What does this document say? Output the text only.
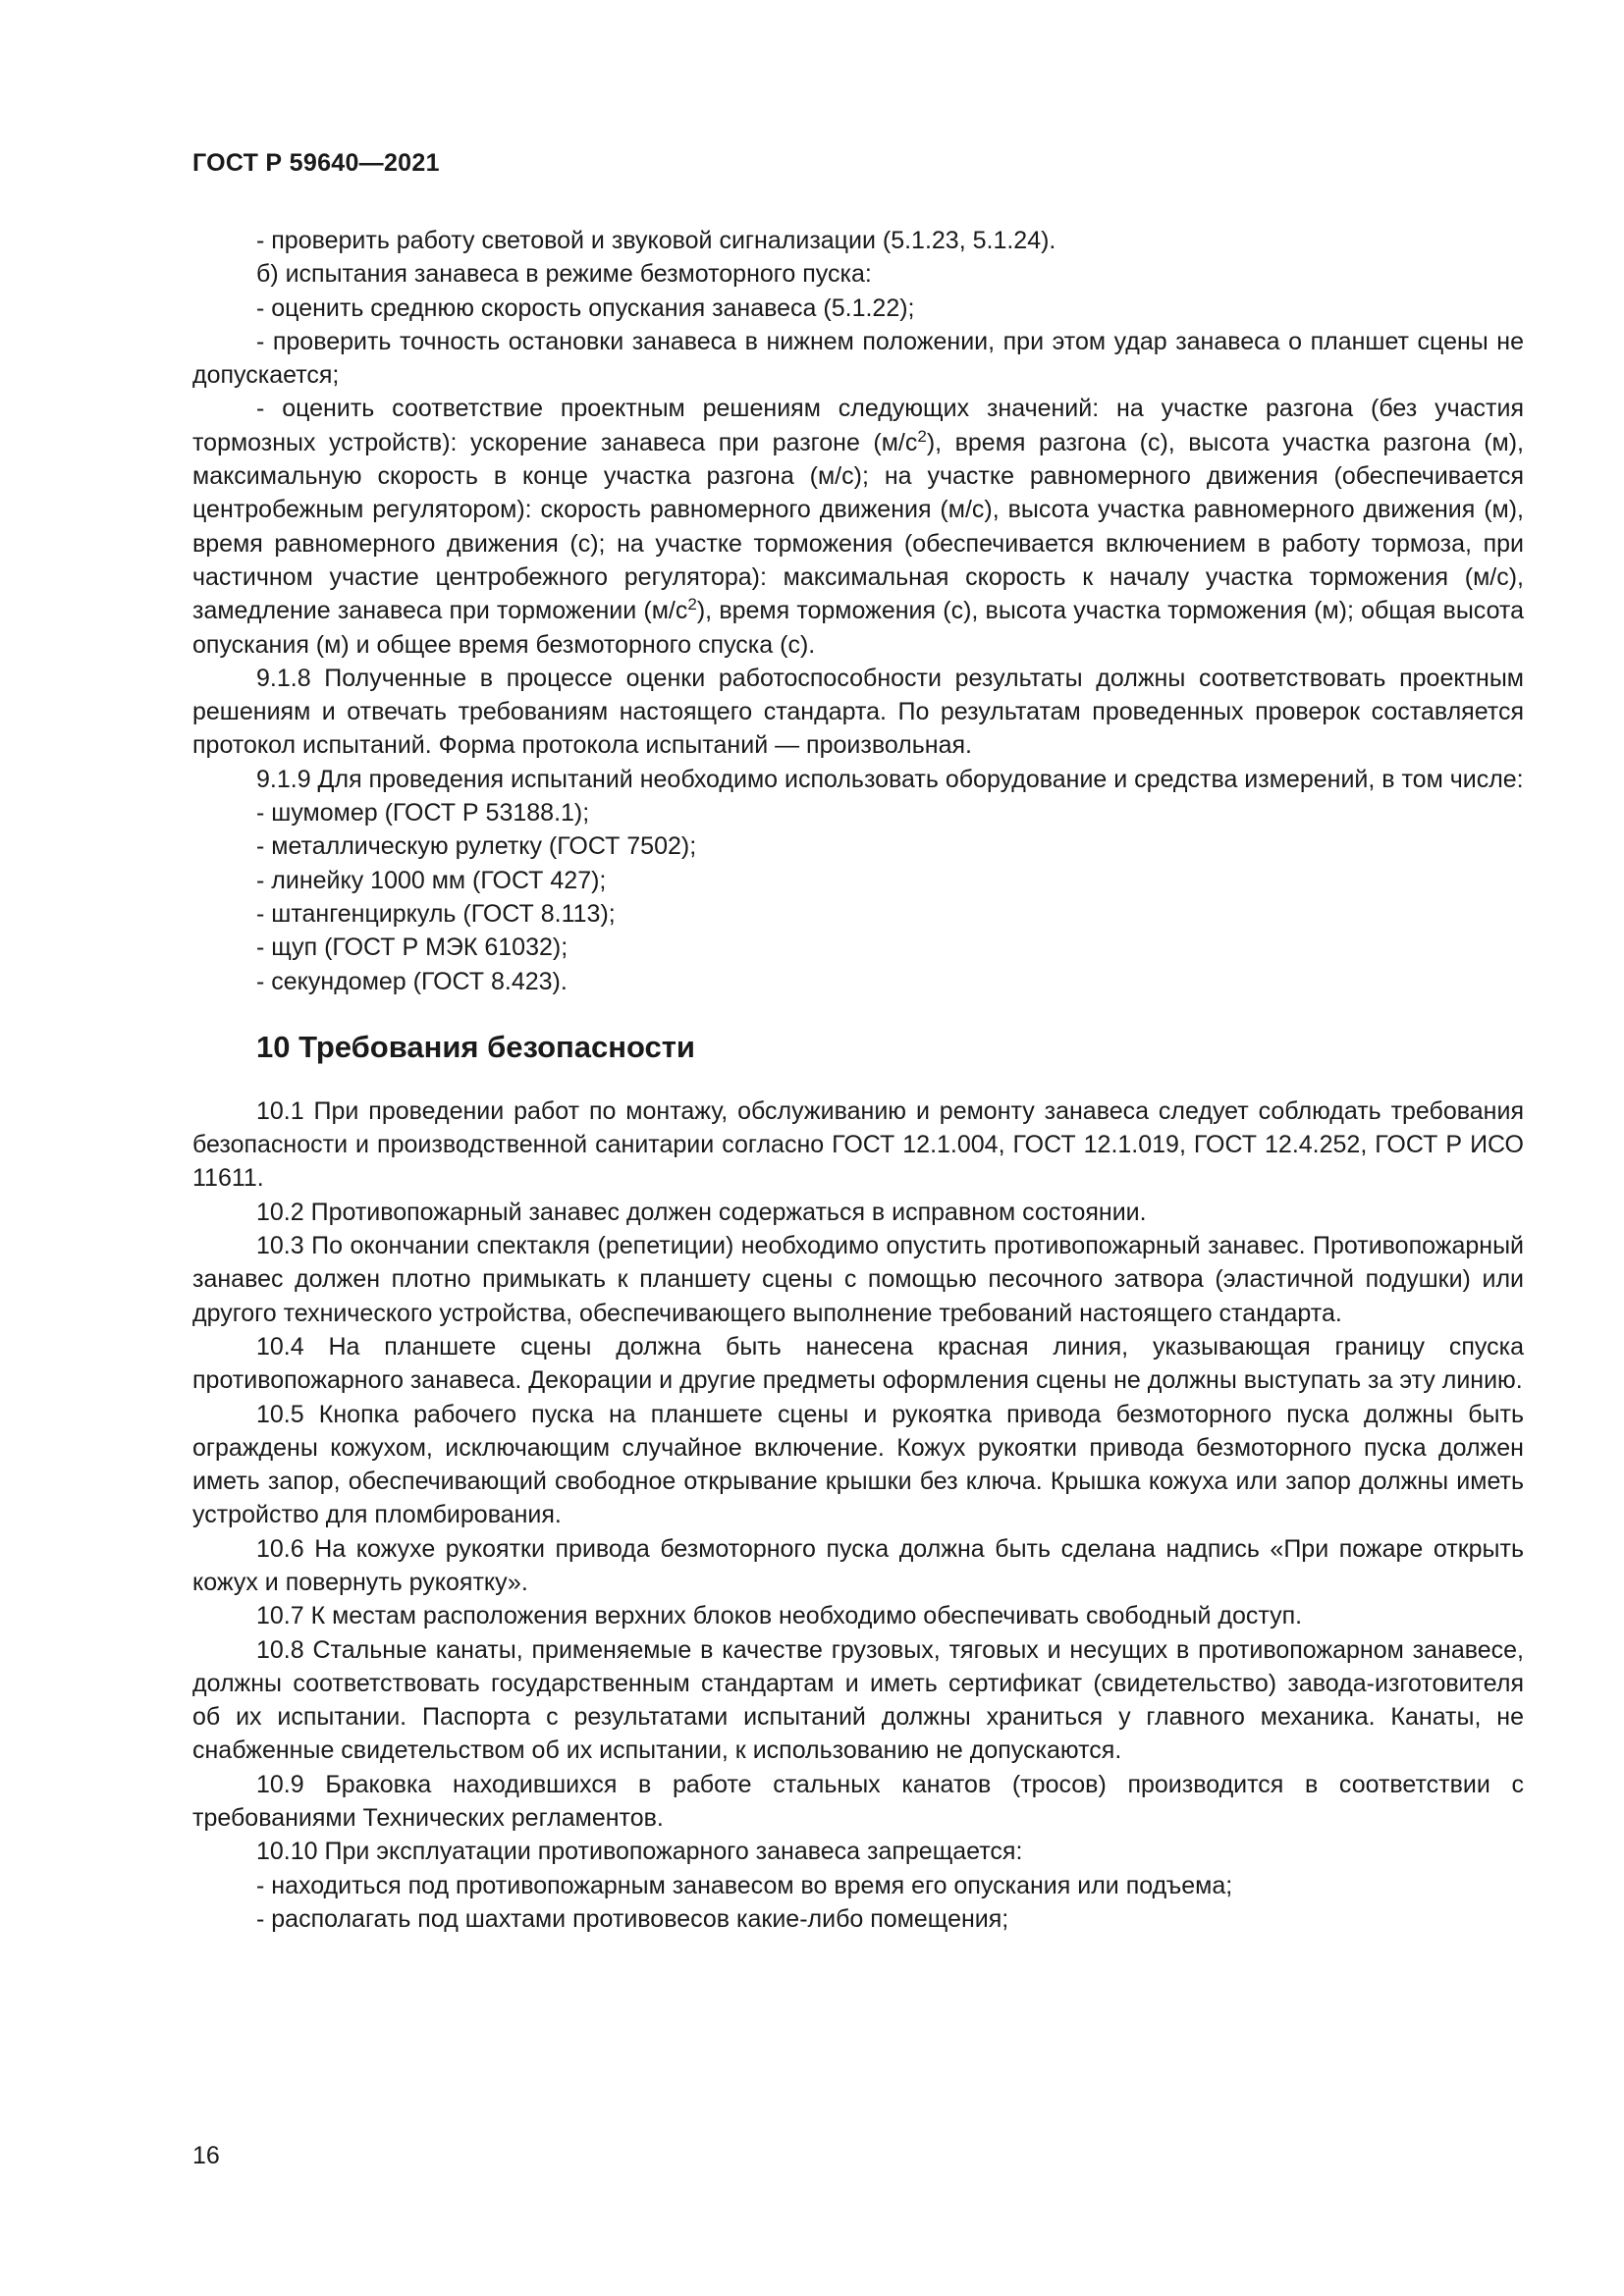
ГОСТ Р 59640—2021

- проверить работу световой и звуковой сигнализации (5.1.23, 5.1.24).

б) испытания занавеса в режиме безмоторного пуска:

- оценить среднюю скорость опускания занавеса (5.1.22);

- проверить точность остановки занавеса в нижнем положении, при этом удар занавеса о планшет сцены не допускается;

- оценить соответствие проектным решениям следующих значений: на участке разгона (без участия тормозных устройств): ускорение занавеса при разгоне $(м/с^2)$, время разгона (с), высота участка разгона (м), максимальную скорость в конце участка разгона (м/с); на участке равномерного движения (обеспечивается центробежным регулятором): скорость равномерного движения (м/с), высота участка равномерного движения (м), время равномерного движения (с); на участке торможения (обеспечивается включением в работу тормоза, при частичном участие центробежного регулятора): максимальная скорость к началу участка торможения (м/с), замедление занавеса при торможении $(м/с^2)$, время торможения (с), высота участка торможения (м); общая высота опускания (м) и общее время безмоторного спуска (с).

9.1.8 Полученные в процессе оценки работоспособности результаты должны соответствовать проектным решениям и отвечать требованиям настоящего стандарта. По результатам проведенных проверок составляется протокол испытаний. Форма протокола испытаний — произвольная.

9.1.9 Для проведения испытаний необходимо использовать оборудование и средства измерений, в том числе:

- шумомер (ГОСТ Р 53188.1);

- металлическую рулетку (ГОСТ 7502);

- линейку 1000 мм (ГОСТ 427);

- штангенциркуль (ГОСТ 8.113);

- щуп (ГОСТ Р МЭК 61032);

- секундомер (ГОСТ 8.423).

10 Требования безопасности

10.1 При проведении работ по монтажу, обслуживанию и ремонту занавеса следует соблюдать требования безопасности и производственной санитарии согласно ГОСТ 12.1.004, ГОСТ 12.1.019, ГОСТ 12.4.252, ГОСТ Р ИСО 11611.

10.2 Противопожарный занавес должен содержаться в исправном состоянии.

10.3 По окончании спектакля (репетиции) необходимо опустить противопожарный занавес. Противопожарный занавес должен плотно примыкать к планшету сцены с помощью песочного затвора (эластичной подушки) или другого технического устройства, обеспечивающего выполнение требований настоящего стандарта.

10.4 На планшете сцены должна быть нанесена красная линия, указывающая границу спуска противопожарного занавеса. Декорации и другие предметы оформления сцены не должны выступать за эту линию.

10.5 Кнопка рабочего пуска на планшете сцены и рукоятка привода безмоторного пуска должны быть ограждены кожухом, исключающим случайное включение. Кожух рукоятки привода безмоторного пуска должен иметь запор, обеспечивающий свободное открывание крышки без ключа. Крышка кожуха или запор должны иметь устройство для пломбирования.

10.6 На кожухе рукоятки привода безмоторного пуска должна быть сделана надпись «При пожаре открыть кожух и повернуть рукоятку».

10.7 К местам расположения верхних блоков необходимо обеспечивать свободный доступ.

10.8 Стальные канаты, применяемые в качестве грузовых, тяговых и несущих в противопожарном занавесе, должны соответствовать государственным стандартам и иметь сертификат (свидетельство) завода-изготовителя об их испытании. Паспорта с результатами испытаний должны храниться у главного механика. Канаты, не снабженные свидетельством об их испытании, к использованию не допускаются.

10.9 Браковка находившихся в работе стальных канатов (тросов) производится в соответствии с требованиями Технических регламентов.

10.10 При эксплуатации противопожарного занавеса запрещается:

- находиться под противопожарным занавесом во время его опускания или подъема;

- располагать под шахтами противовесов какие-либо помещения;

16
